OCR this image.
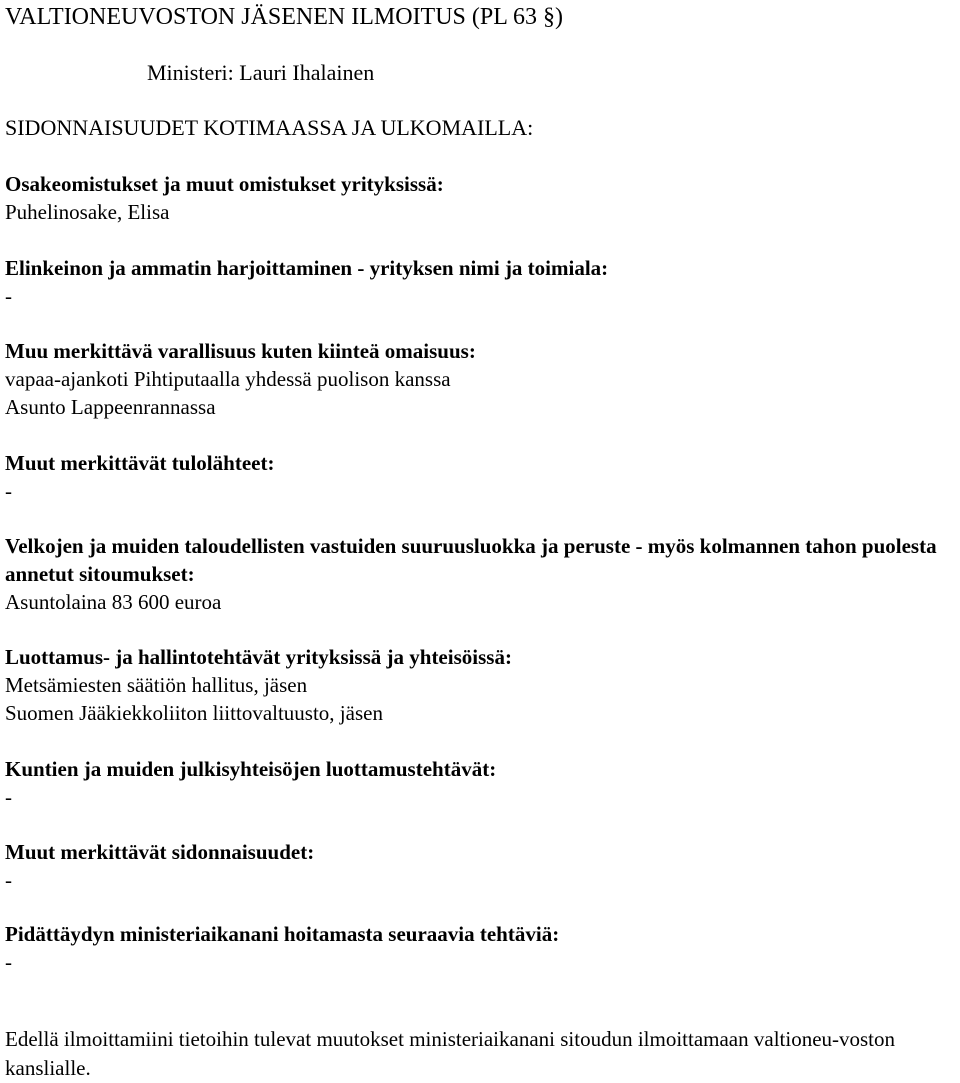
VALTIONEUVOSTON JÄSENEN ILMOITUS (PL 63 §)
Ministeri: Lauri Ihalainen
SIDONNAISUUDET KOTIMAASSA JA ULKOMAILLA:
Osakeomistukset ja muut omistukset yrityksissä:
Puhelinosake, Elisa
Elinkeinon ja ammatin harjoittaminen - yrityksen nimi ja toimiala:
-
Muu merkittävä varallisuus kuten kiinteä omaisuus:
vapaa-ajankoti Pihtiputaalla yhdessä puolison kanssa
Asunto Lappeenrannassa
Muut merkittävät tulolähteet:
-
Velkojen ja muiden taloudellisten vastuiden suuruusluokka ja peruste - myös kolmannen tahon puolesta annetut sitoumukset:
Asuntolaina 83 600 euroa
Luottamus- ja hallintotehtävät yrityksissä ja yhteisöissä:
Metsämiesten säätiön hallitus, jäsen
Suomen Jääkiekkoliiton liittovaltuusto, jäsen
Kuntien ja muiden julkisyhteisöjen luottamustehtävät:
-
Muut merkittävät sidonnaisuudet:
-
Pidättäydyn ministeriaikanani hoitamasta seuraavia tehtäviä:
-
Edellä ilmoittamiini tietoihin tulevat muutokset ministeriaikanani sitoudun ilmoittamaan valtioneu-voston kanslialle.
